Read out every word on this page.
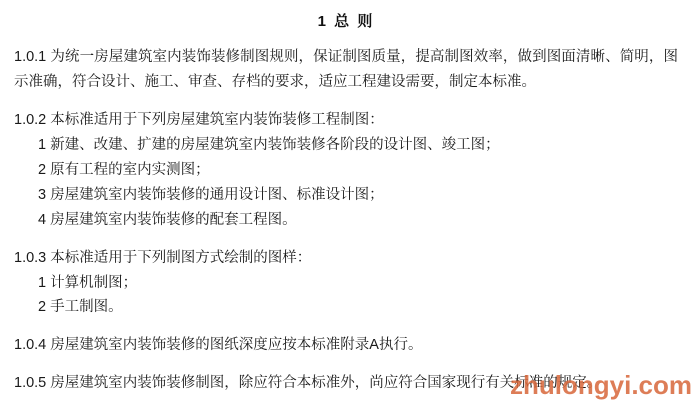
1 总 则

1.0.1 为统一房屋建筑室内装饰装修制图规则，保证制图质量，提高制图效率，做到图面清晰、简明，图示准确，符合设计、施工、审查、存档的要求，适应工程建设需要，制定本标准。

1.0.2 本标准适用于下列房屋建筑室内装饰装修工程制图：

1 新建、改建、扩建的房屋建筑室内装饰装修各阶段的设计图、竣工图；

2 原有工程的室内实测图；

3 房屋建筑室内装饰装修的通用设计图、标准设计图；

4 房屋建筑室内装饰装修的配套工程图。

1.0.3 本标准适用于下列制图方式绘制的图样：

1 计算机制图；

2 手工制图。

1.0.4 房屋建筑室内装饰装修的图纸深度应按本标准附录A执行。

1.0.5 房屋建筑室内装饰装修制图，除应符合本标准外，尚应符合国家现行有关标准的规定。

zhulongyi.com
